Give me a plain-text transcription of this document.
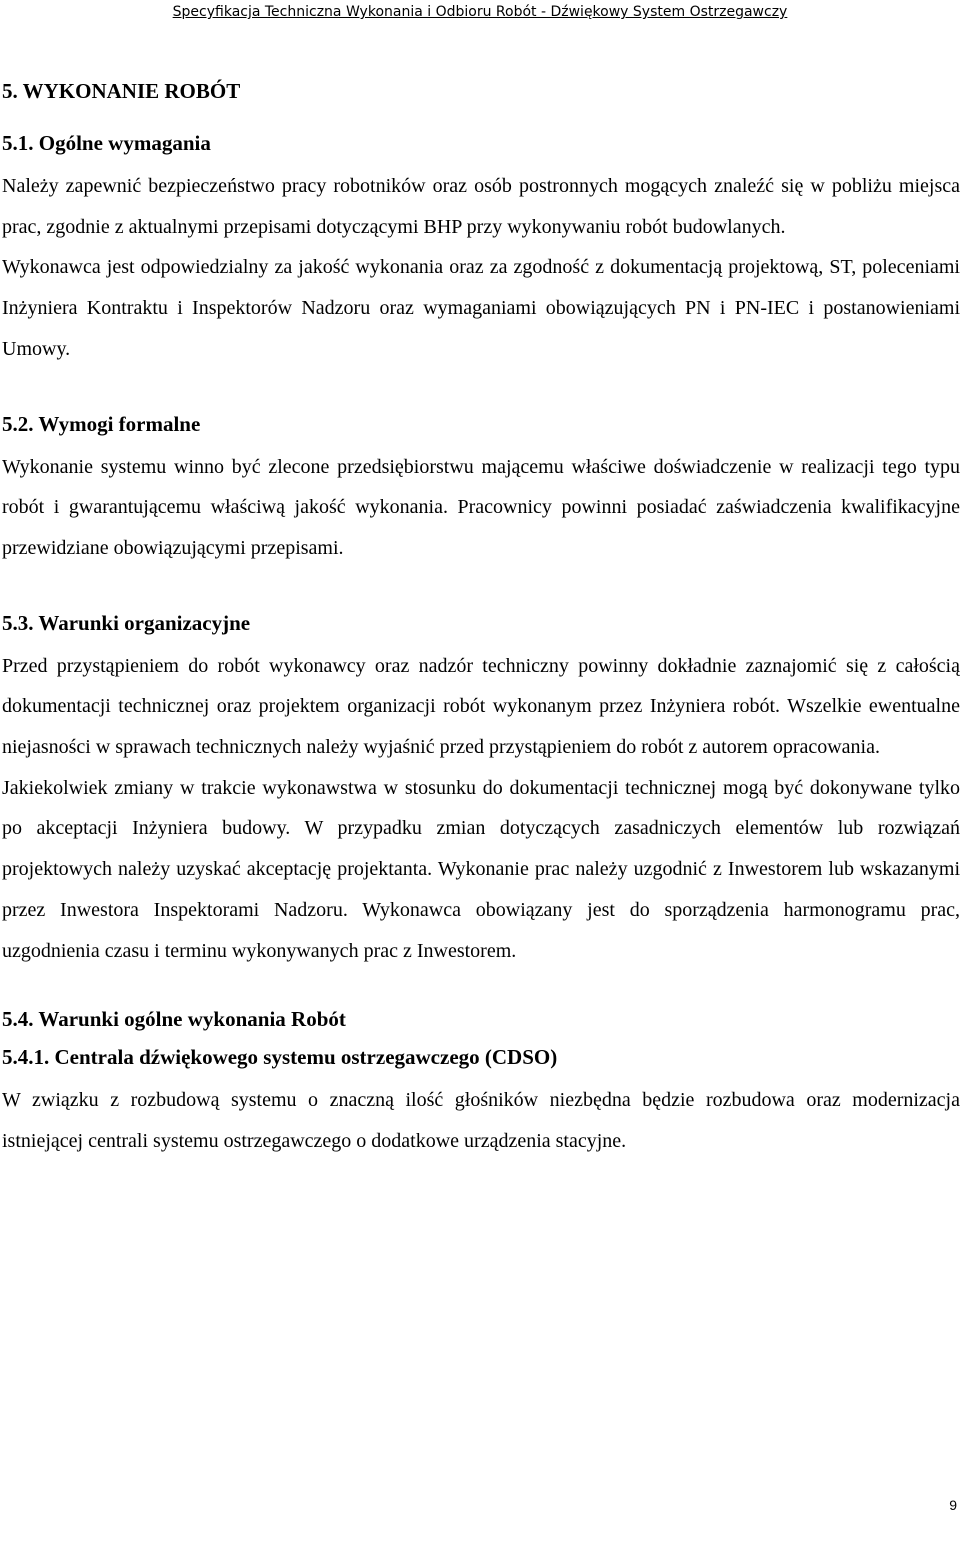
Specyfikacja Techniczna Wykonania i Odbioru Robót - Dźwiękowy System Ostrzegawczy
5. WYKONANIE ROBÓT
5.1. Ogólne wymagania

Należy zapewnić bezpieczeństwo pracy robotników oraz osób postronnych mogących znaleźć się w pobliżu miejsca prac, zgodnie z aktualnymi przepisami dotyczącymi BHP przy wykonywaniu robót budowlanych.

Wykonawca jest odpowiedzialny za jakość wykonania oraz za zgodność z dokumentacją projektową, ST, poleceniami Inżyniera Kontraktu i Inspektorów Nadzoru oraz wymaganiami obowiązujących PN i PN-IEC i postanowieniami Umowy.

5.2. Wymogi formalne

Wykonanie systemu winno być zlecone przedsiębiorstwu mającemu właściwe doświadczenie w realizacji tego typu robót i gwarantującemu właściwą jakość wykonania. Pracownicy powinni posiadać zaświadczenia kwalifikacyjne przewidziane obowiązującymi przepisami.

5.3. Warunki organizacyjne

Przed przystąpieniem do robót wykonawcy oraz nadzór techniczny powinny dokładnie zaznajomić się z całością dokumentacji technicznej oraz projektem organizacji robót wykonanym przez Inżyniera robót. Wszelkie ewentualne niejasności w sprawach technicznych należy wyjaśnić przed przystąpieniem do robót z autorem opracowania.

Jakiekolwiek zmiany w trakcie wykonawstwa w stosunku do dokumentacji technicznej mogą być dokonywane tylko po akceptacji Inżyniera budowy. W przypadku zmian dotyczących zasadniczych elementów lub rozwiązań projektowych należy uzyskać akceptację projektanta. Wykonanie prac należy uzgodnić z Inwestorem lub wskazanymi przez Inwestora Inspektorami Nadzoru. Wykonawca obowiązany jest do sporządzenia harmonogramu prac, uzgodnienia czasu i terminu wykonywanych prac z Inwestorem.

5.4. Warunki ogólne wykonania Robót
5.4.1. Centrala dźwiękowego systemu ostrzegawczego (CDSO)

W związku z rozbudową systemu o znaczną ilość głośników niezbędna będzie rozbudowa oraz modernizacja istniejącej centrali systemu ostrzegawczego o dodatkowe urządzenia stacyjne.

9
